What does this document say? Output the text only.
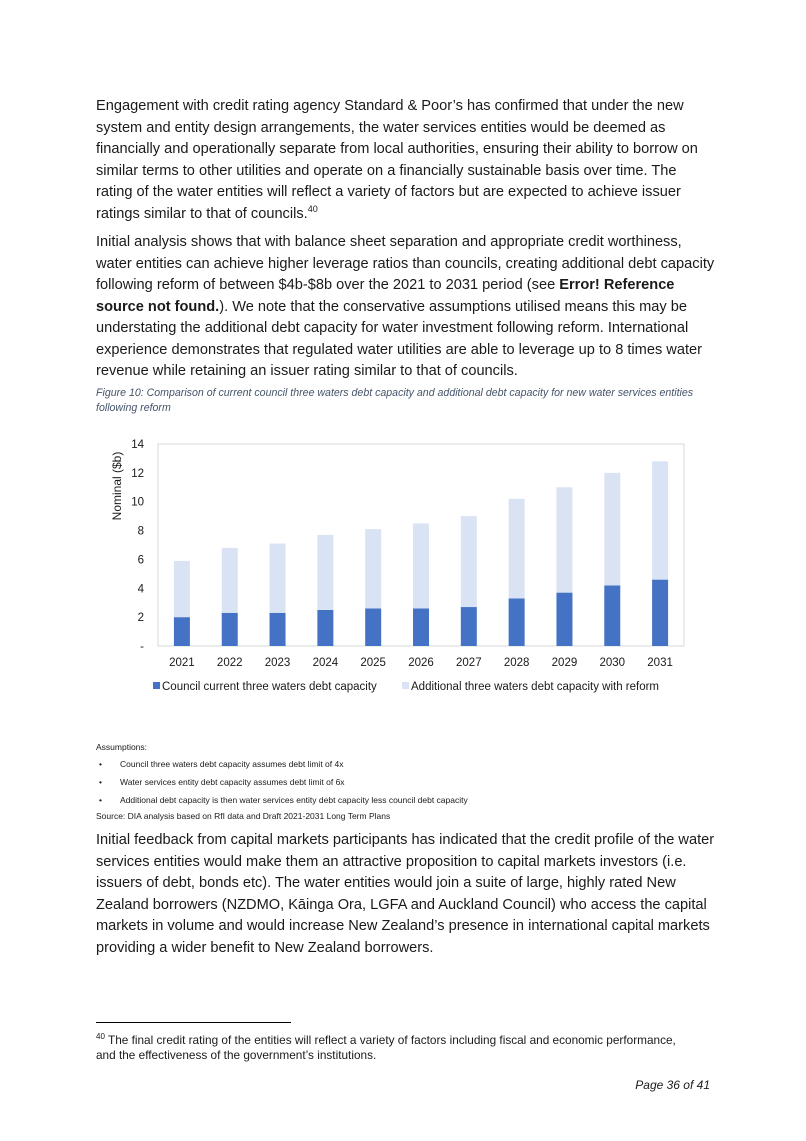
Engagement with credit rating agency Standard & Poor’s has confirmed that under the new system and entity design arrangements, the water services entities would be deemed as financially and operationally separate from local authorities, ensuring their ability to borrow on similar terms to other utilities and operate on a financially sustainable basis over time. The rating of the water entities will reflect a variety of factors but are expected to achieve issuer ratings similar to that of councils.$^{40}$

Initial analysis shows that with balance sheet separation and appropriate credit worthiness, water entities can achieve higher leverage ratios than councils, creating additional debt capacity following reform of between $4b-$8b over the 2021 to 2031 period (see Error! Reference source not found.). We note that the conservative assumptions utilised means this may be understating the additional debt capacity for water investment following reform. International experience demonstrates that regulated water utilities are able to leverage up to 8 times water revenue while retaining an issuer rating similar to that of councils.

Figure 10: Comparison of current council three waters debt capacity and additional debt capacity for new water services entities following reform

-
2
4
6
8
10
12
14
Nominal ($b)
2021 2022 2023 2024 2025 2026 2027 2028 2029 2030 2031
Council current three waters debt capacity	Additional three waters debt capacity with reform

Assumptions:

• Council three waters debt capacity assumes debt limit of 4x
• Water services entity debt capacity assumes debt limit of 6x
• Additional debt capacity is then water services entity debt capacity less council debt capacity

Source: DIA analysis based on RfI data and Draft 2021-2031 Long Term Plans

Initial feedback from capital markets participants has indicated that the credit profile of the water services entities would make them an attractive proposition to capital markets investors (i.e. issuers of debt, bonds etc). The water entities would join a suite of large, highly rated New Zealand borrowers (NZDMO, Kāinga Ora, LGFA and Auckland Council) who access the capital markets in volume and would increase New Zealand’s presence in international capital markets providing a wider benefit to New Zealand borrowers.

$^{40}$ The final credit rating of the entities will reflect a variety of factors including fiscal and economic performance, and the effectiveness of the government’s institutions.

Page 36 of 41
